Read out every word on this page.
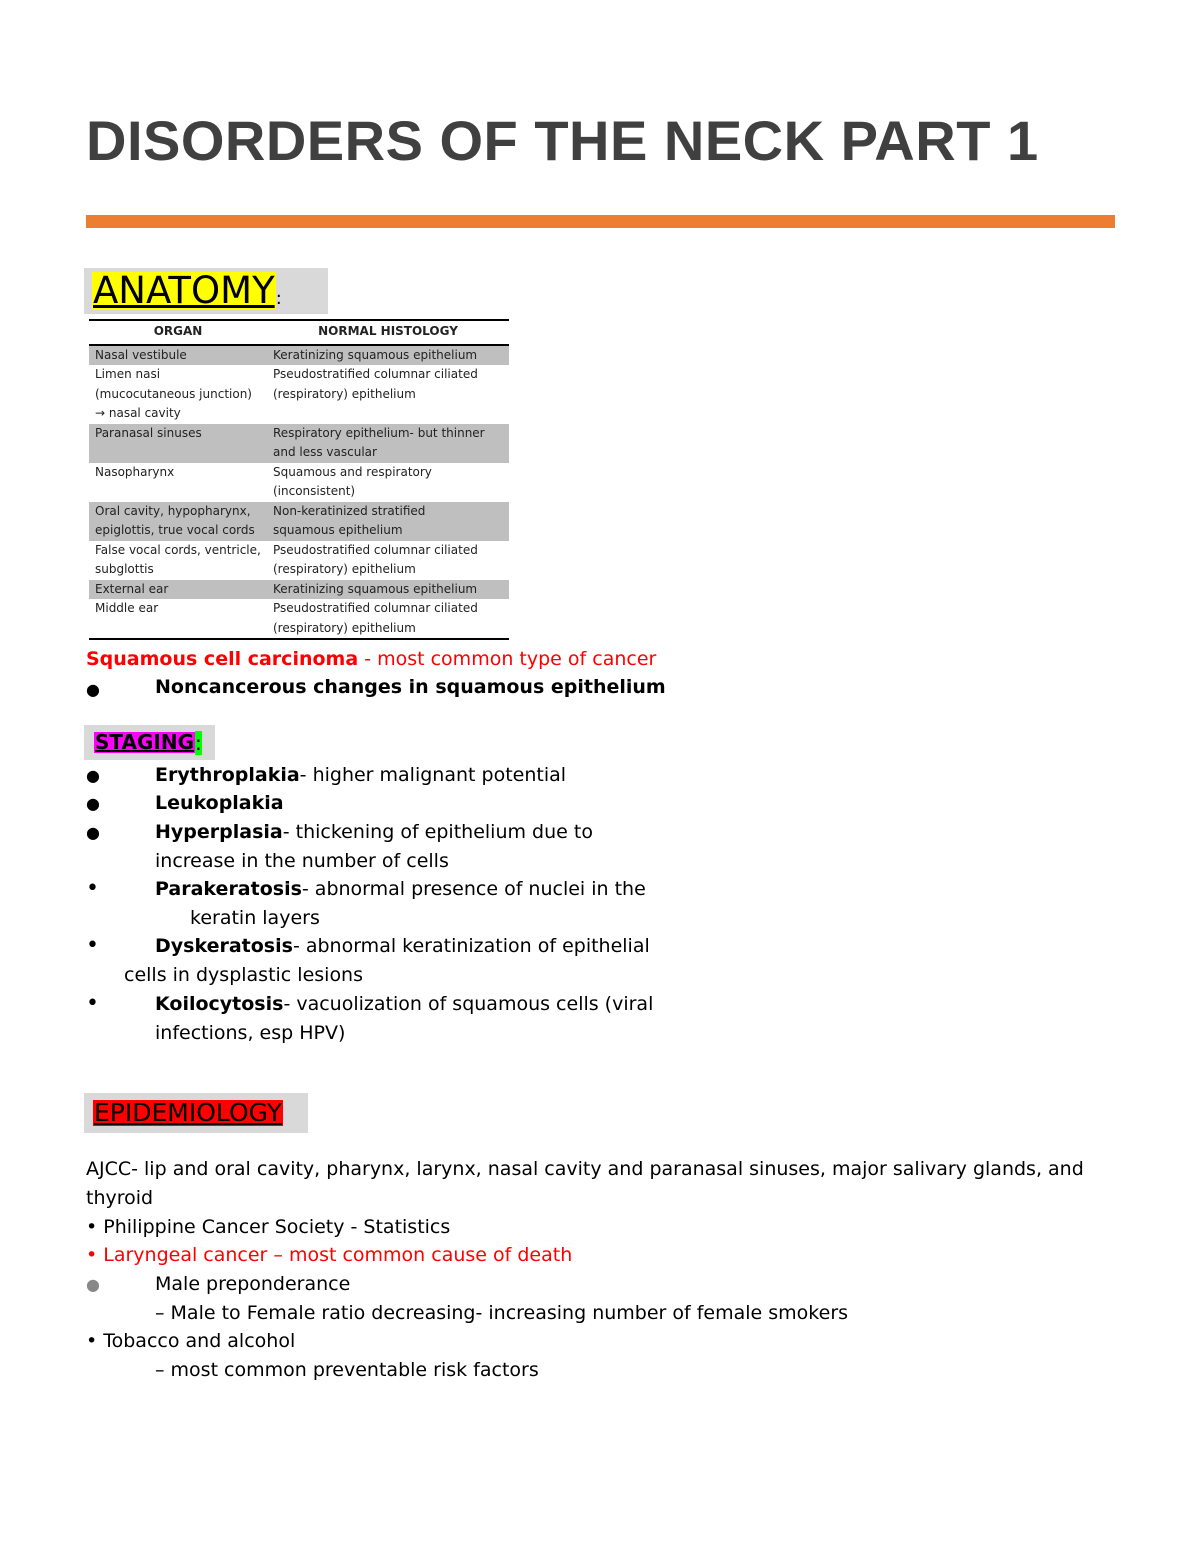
DISORDERS OF THE NECK PART 1
ANATOMY :
ORGAN	NORMAL HISTOLOGY
Nasal vestibule	Keratinizing squamous epithelium
Limen nasi
(mucocutaneous junction)
→ nasal cavity	Pseudostratified columnar ciliated
(respiratory) epithelium
Paranasal sinuses	Respiratory epithelium- but thinner
and less vascular
Nasopharynx	Squamous and respiratory
(inconsistent)
Oral cavity, hypopharynx,
epiglottis, true vocal cords	Non-keratinized stratified
squamous epithelium
False vocal cords, ventricle,
subglottis	Pseudostratified columnar ciliated
(respiratory) epithelium
External ear	Keratinizing squamous epithelium
Middle ear	Pseudostratified columnar ciliated
(respiratory) epithelium
Squamous cell carcinoma - most common type of cancer
●	Noncancerous changes in squamous epithelium
STAGING :
●	Erythroplakia- higher malignant potential
●	Leukoplakia
●	Hyperplasia- thickening of epithelium due to
increase in the number of cells
•	Parakeratosis- abnormal presence of nuclei in the
keratin layers
•	Dyskeratosis- abnormal keratinization of epithelial
cells in dysplastic lesions
•	Koilocytosis- vacuolization of squamous cells (viral
infections, esp HPV)
EPIDEMIOLOGY
AJCC- lip and oral cavity, pharynx, larynx, nasal cavity and paranasal sinuses, major salivary glands, and
thyroid
• Philippine Cancer Society - Statistics
• Laryngeal cancer – most common cause of death
●	Male preponderance
– Male to Female ratio decreasing- increasing number of female smokers
• Tobacco and alcohol
– most common preventable risk factors
